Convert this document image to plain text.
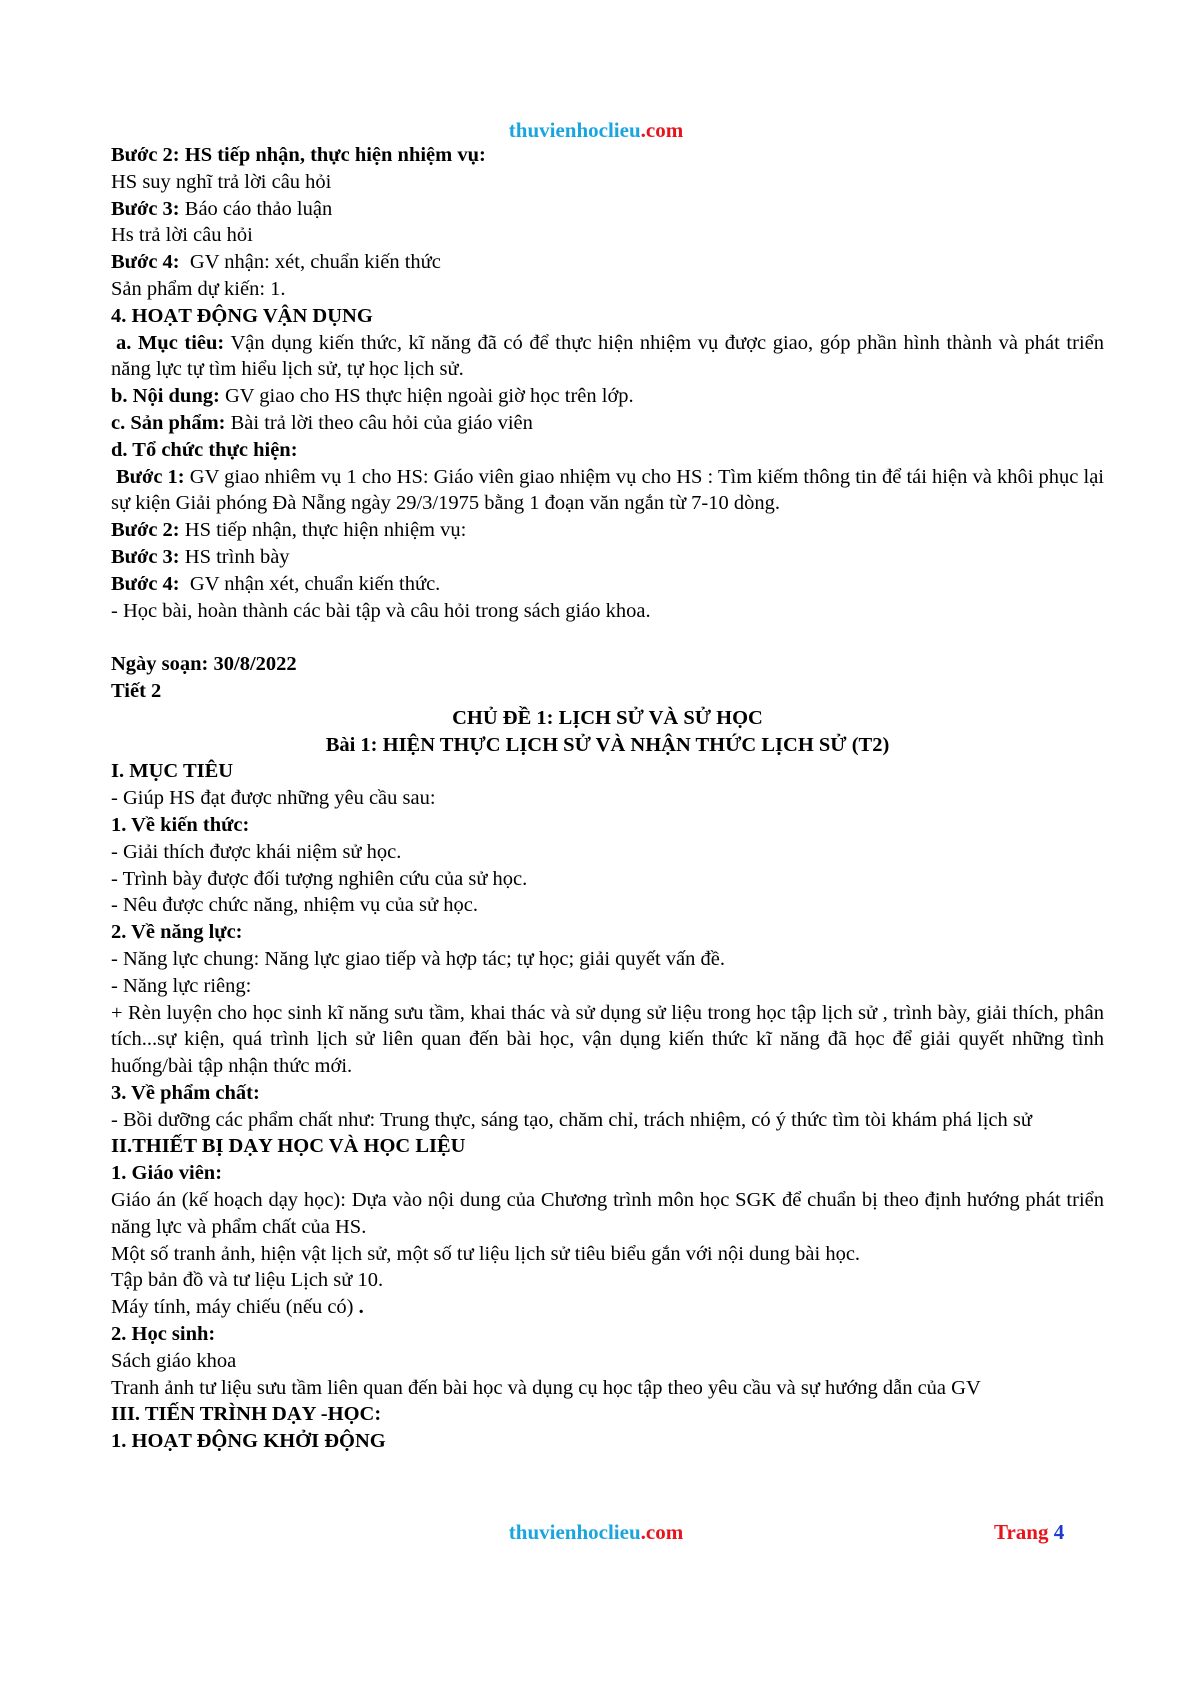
thuvienhoclieu.com

Bước 2: HS tiếp nhận, thực hiện nhiệm vụ:

HS suy nghĩ trả lời câu hỏi

Bước 3: Báo cáo thảo luận

Hs trả lời câu hỏi

Bước 4:  GV nhận: xét, chuẩn kiến thức

Sản phẩm dự kiến: 1.

4. HOẠT ĐỘNG VẬN DỤNG

a. Mục tiêu: Vận dụng kiến thức, kĩ năng đã có để thực hiện nhiệm vụ được giao, góp phần hình thành và phát triển năng lực tự tìm hiểu lịch sử, tự học lịch sử.

b. Nội dung: GV giao cho HS thực hiện ngoài giờ học trên lớp.

c. Sản phẩm: Bài trả lời theo câu hỏi của giáo viên

d. Tổ chức thực hiện:

Bước 1: GV giao nhiêm vụ 1 cho HS: Giáo viên giao nhiệm vụ cho HS : Tìm kiếm thông tin để tái hiện và khôi phục lại sự kiện Giải phóng Đà Nẵng ngày 29/3/1975 bằng 1 đoạn văn ngắn từ 7-10 dòng.

Bước 2: HS tiếp nhận, thực hiện nhiệm vụ:

Bước 3: HS trình bày

Bước 4:  GV nhận xét, chuẩn kiến thức.

- Học bài, hoàn thành các bài tập và câu hỏi trong sách giáo khoa.

Ngày soạn: 30/8/2022

Tiết 2

CHỦ ĐỀ 1: LỊCH SỬ VÀ SỬ HỌC

Bài 1: HIỆN THỰC LỊCH SỬ VÀ NHẬN THỨC LỊCH SỬ (T2)

I. MỤC TIÊU

- Giúp HS đạt được những yêu cầu sau:

1. Về kiến thức:

- Giải thích được khái niệm sử học.

- Trình bày được đối tượng nghiên cứu của sử học.

- Nêu được chức năng, nhiệm vụ của sử học.

2. Về năng lực:

- Năng lực chung: Năng lực giao tiếp và hợp tác; tự học; giải quyết vấn đề.

- Năng lực riêng:

+ Rèn luyện cho học sinh kĩ năng sưu tầm, khai thác và sử dụng sử liệu trong học tập lịch sử , trình bày, giải thích, phân tích...sự kiện, quá trình lịch sử liên quan đến bài học, vận dụng kiến thức kĩ năng đã học để giải quyết những tình huống/bài tập nhận thức mới.

3. Về phẩm chất:

- Bồi dưỡng các phẩm chất như: Trung thực, sáng tạo, chăm chỉ, trách nhiệm, có ý thức tìm tòi khám phá lịch sử

II.THIẾT BỊ DẠY HỌC VÀ HỌC LIỆU

1. Giáo viên:

Giáo án (kế hoạch dạy học): Dựa vào nội dung của Chương trình môn học SGK để chuẩn bị theo định hướng phát triển năng lực và phẩm chất của HS.

Một số tranh ảnh, hiện vật lịch sử, một số tư liệu lịch sử tiêu biểu gắn với nội dung bài học.

Tập bản đồ và tư liệu Lịch sử 10.

Máy tính, máy chiếu (nếu có) .

2. Học sinh:

Sách giáo khoa

Tranh ảnh tư liệu sưu tầm liên quan đến bài học và dụng cụ học tập theo yêu cầu và sự hướng dẫn của GV

III. TIẾN TRÌNH DẠY -HỌC:

1. HOẠT ĐỘNG KHỞI ĐỘNG

thuvienhoclieu.com	Trang 4
